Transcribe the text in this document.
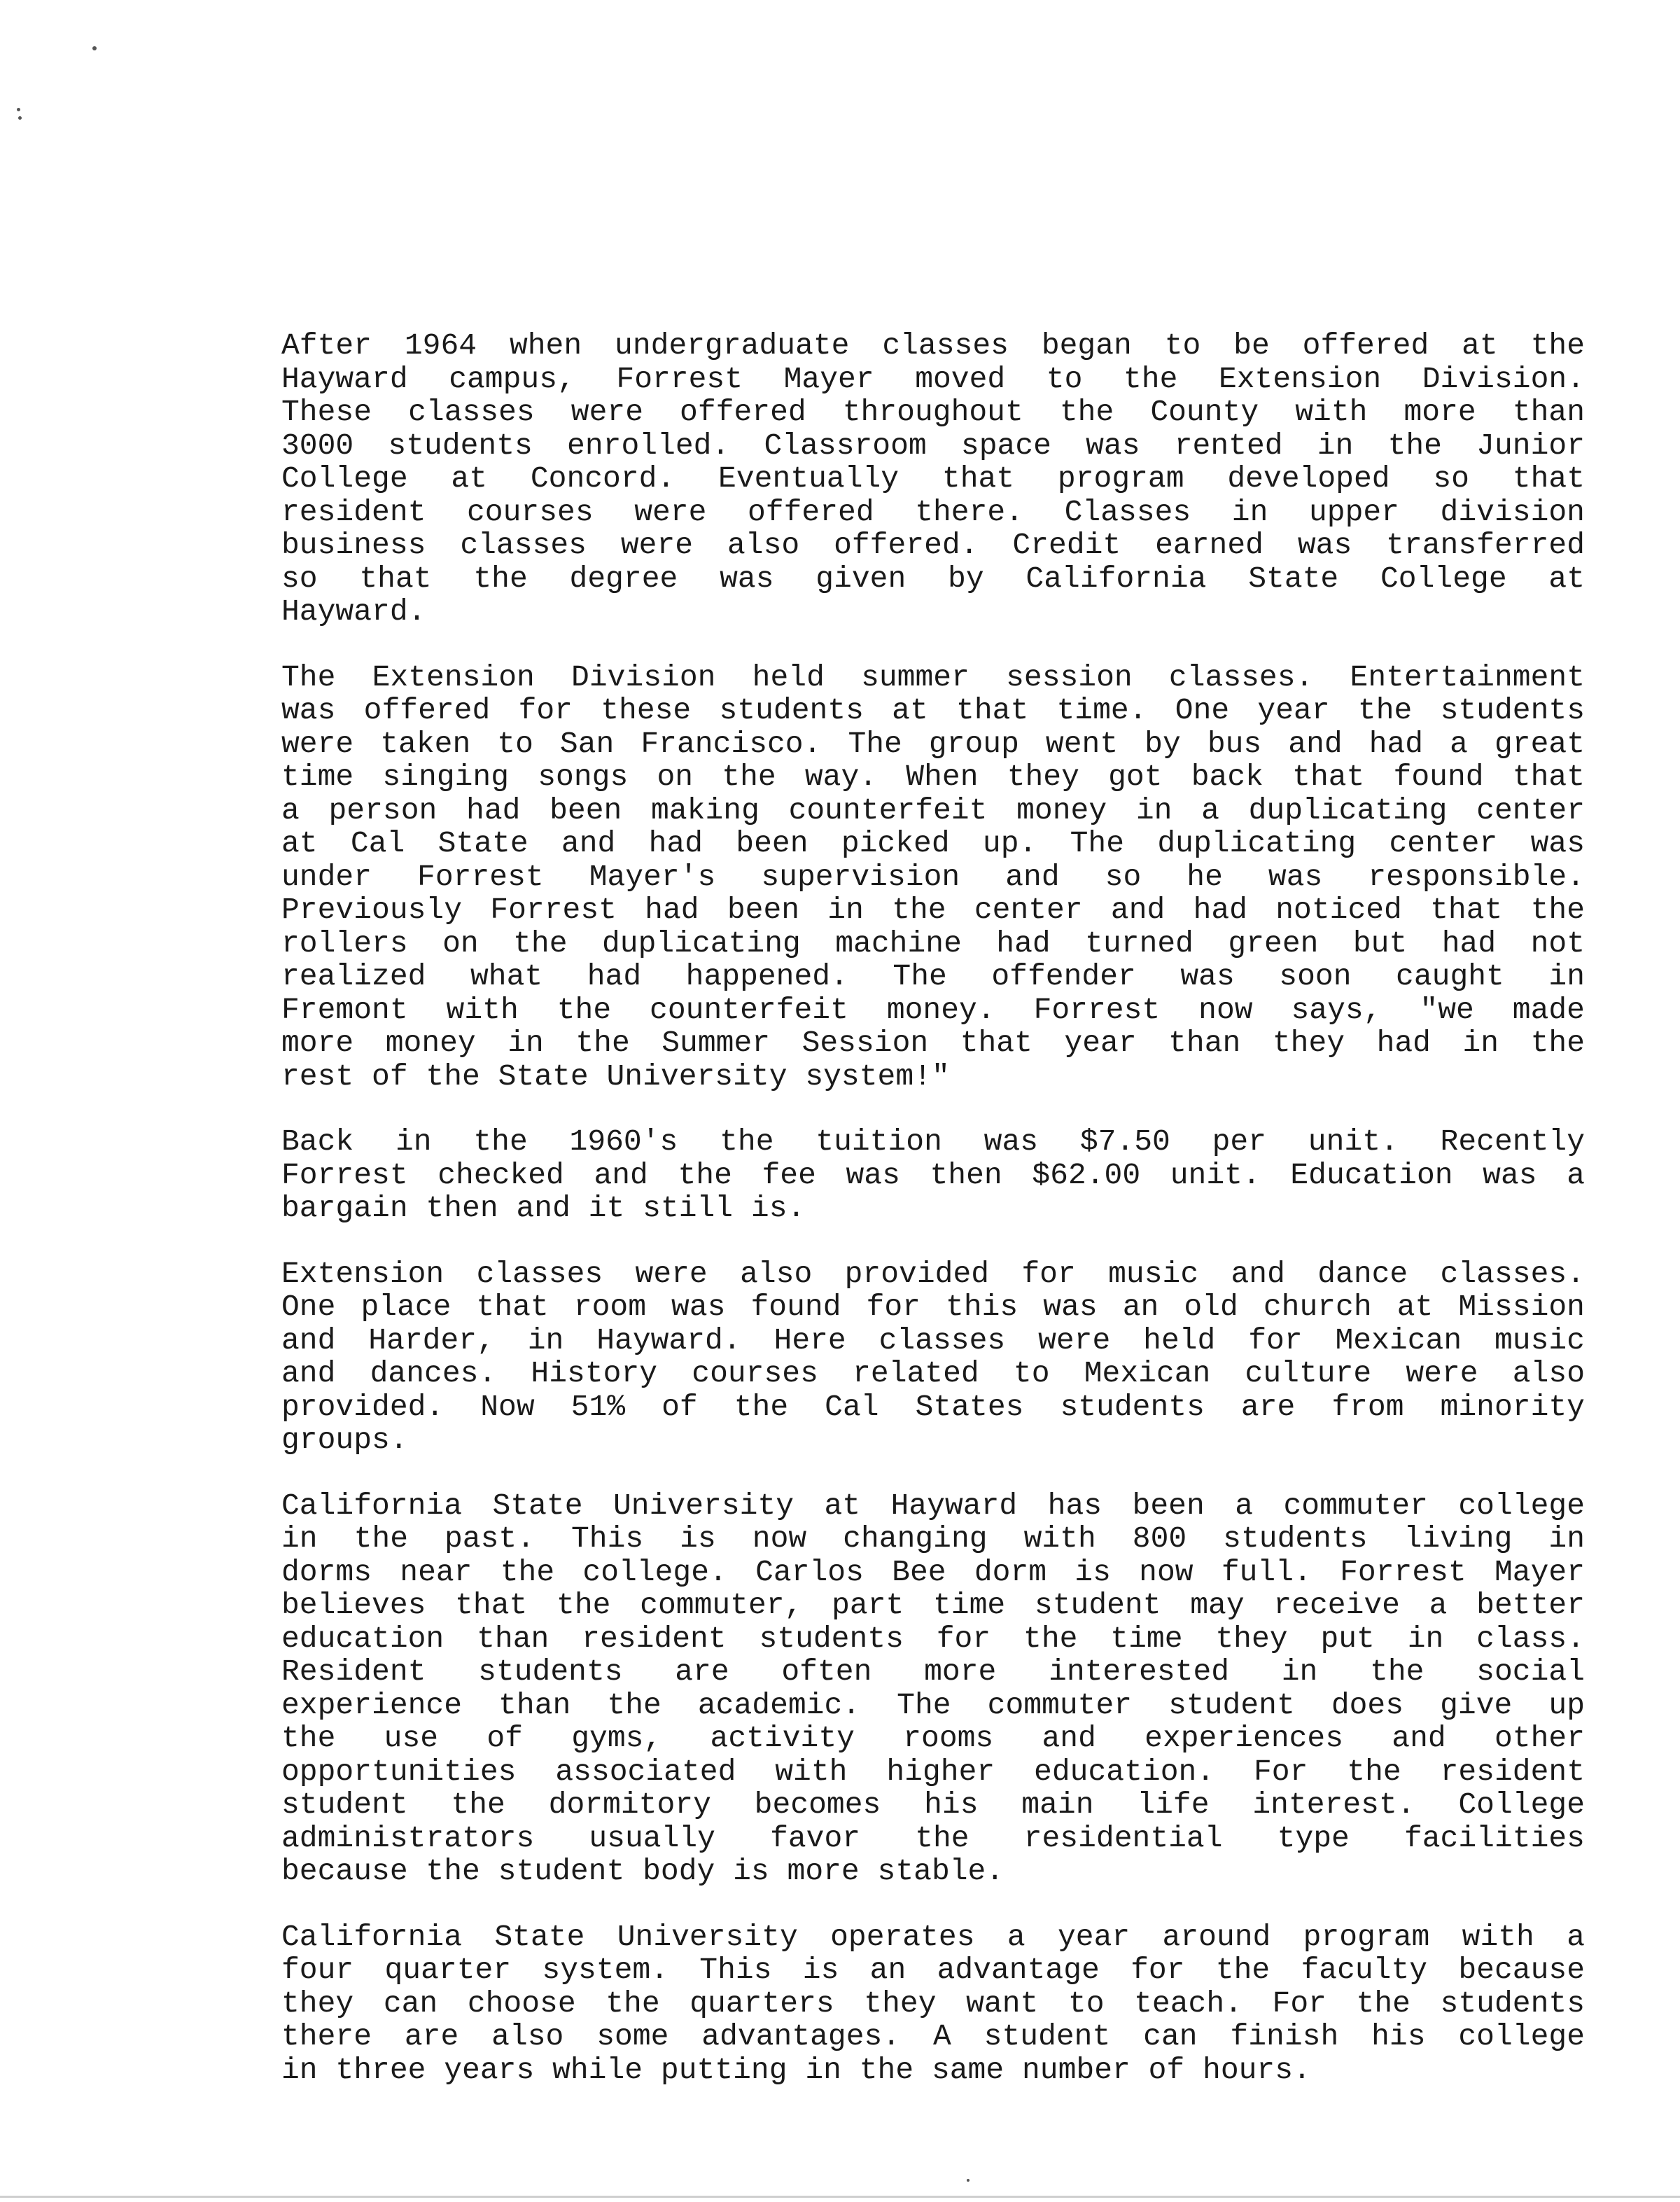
After 1964 when undergraduate classes began to be offered at the
Hayward campus, Forrest Mayer moved to the Extension Division.
These classes were offered throughout the County with more than
3000 students enrolled. Classroom space was rented in the Junior
College at Concord. Eventually that program developed so that
resident courses were offered there. Classes in upper division
business classes were also offered. Credit earned was transferred
so that the degree was given by California State College at
Hayward.
The Extension Division held summer session classes. Entertainment
was offered for these students at that time. One year the students
were taken to San Francisco. The group went by bus and had a great
time singing songs on the way. When they got back that found that
a person had been making counterfeit money in a duplicating center
at Cal State and had been picked up. The duplicating center was
under Forrest Mayer's supervision and so he was responsible.
Previously Forrest had been in the center and had noticed that the
rollers on the duplicating machine had turned green but had not
realized what had happened. The offender was soon caught in
Fremont with the counterfeit money. Forrest now says, "we made
more money in the Summer Session that year than they had in the
rest of the State University system!"
Back in the 1960's the tuition was $7.50 per unit. Recently
Forrest checked and the fee was then $62.00 unit. Education was a
bargain then and it still is.
Extension classes were also provided for music and dance classes.
One place that room was found for this was an old church at Mission
and Harder, in Hayward. Here classes were held for Mexican music
and dances. History courses related to Mexican culture were also
provided. Now 51% of the Cal States students are from minority
groups.
California State University at Hayward has been a commuter college
in the past. This is now changing with 800 students living in
dorms near the college. Carlos Bee dorm is now full. Forrest Mayer
believes that the commuter, part time student may receive a better
education than resident students for the time they put in class.
Resident students are often more interested in the social
experience than the academic. The commuter student does give up
the use of gyms, activity rooms and experiences and other
opportunities associated with higher education. For the resident
student the dormitory becomes his main life interest. College
administrators usually favor the residential type facilities
because the student body is more stable.
California State University operates a year around program with a
four quarter system. This is an advantage for the faculty because
they can choose the quarters they want to teach. For the students
there are also some advantages. A student can finish his college
in three years while putting in the same number of hours.
